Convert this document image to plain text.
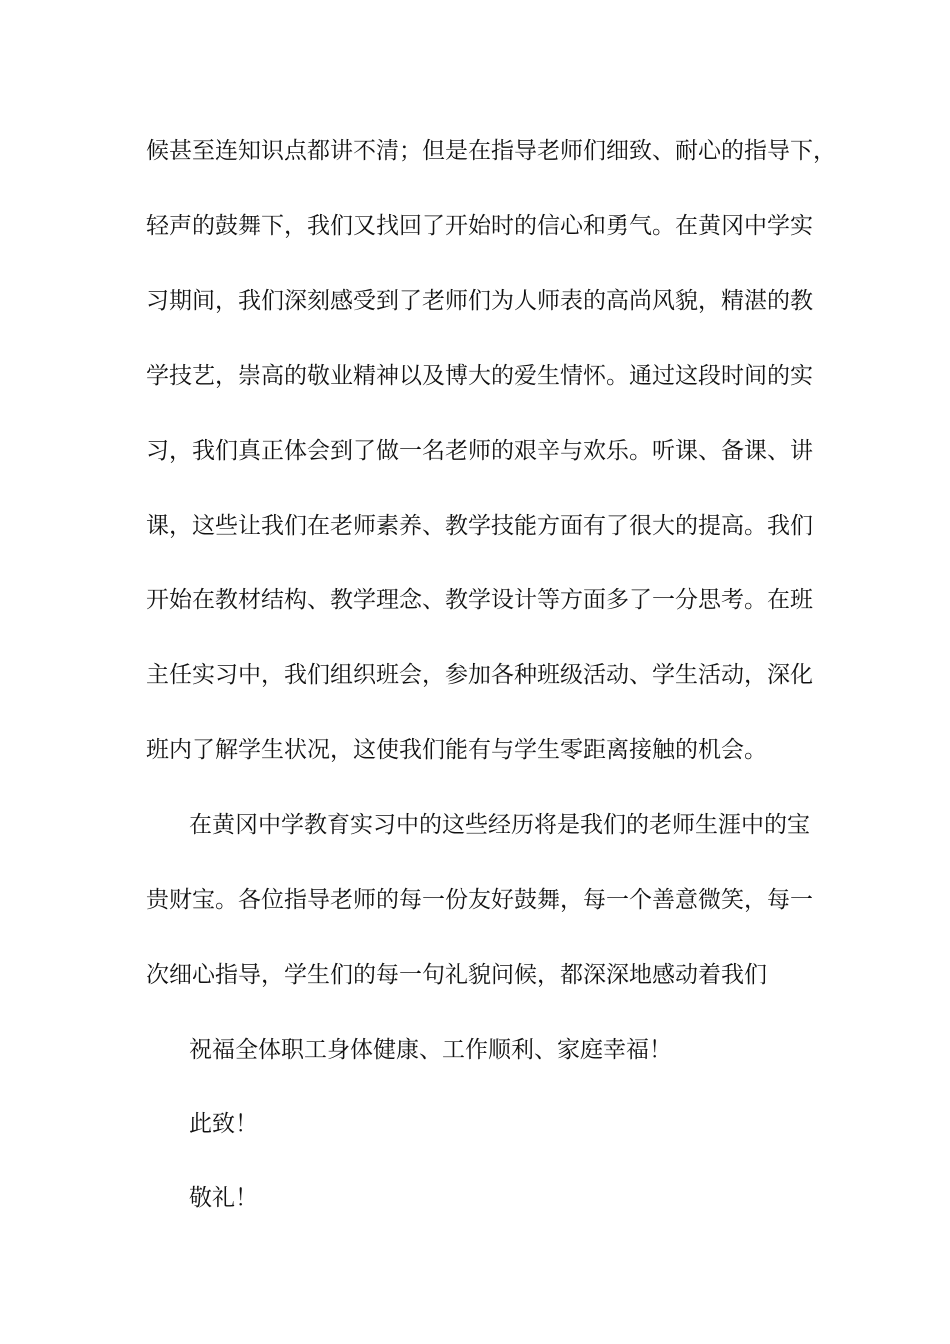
候甚至连知识点都讲不清；但是在指导老师们细致、耐心的指导下，
轻声的鼓舞下，我们又找回了开始时的信心和勇气。在黄冈中学实
习期间，我们深刻感受到了老师们为人师表的高尚风貌，精湛的教
学技艺，崇高的敬业精神以及博大的爱生情怀。通过这段时间的实
习，我们真正体会到了做一名老师的艰辛与欢乐。听课、备课、讲
课，这些让我们在老师素养、教学技能方面有了很大的提高。我们
开始在教材结构、教学理念、教学设计等方面多了一分思考。在班
主任实习中，我们组织班会，参加各种班级活动、学生活动，深化
班内了解学生状况，这使我们能有与学生零距离接触的机会。
在黄冈中学教育实习中的这些经历将是我们的老师生涯中的宝
贵财宝。各位指导老师的每一份友好鼓舞，每一个善意微笑，每一
次细心指导，学生们的每一句礼貌问候，都深深地感动着我们
祝福全体职工身体健康、工作顺利、家庭幸福！
此致！
敬礼！
